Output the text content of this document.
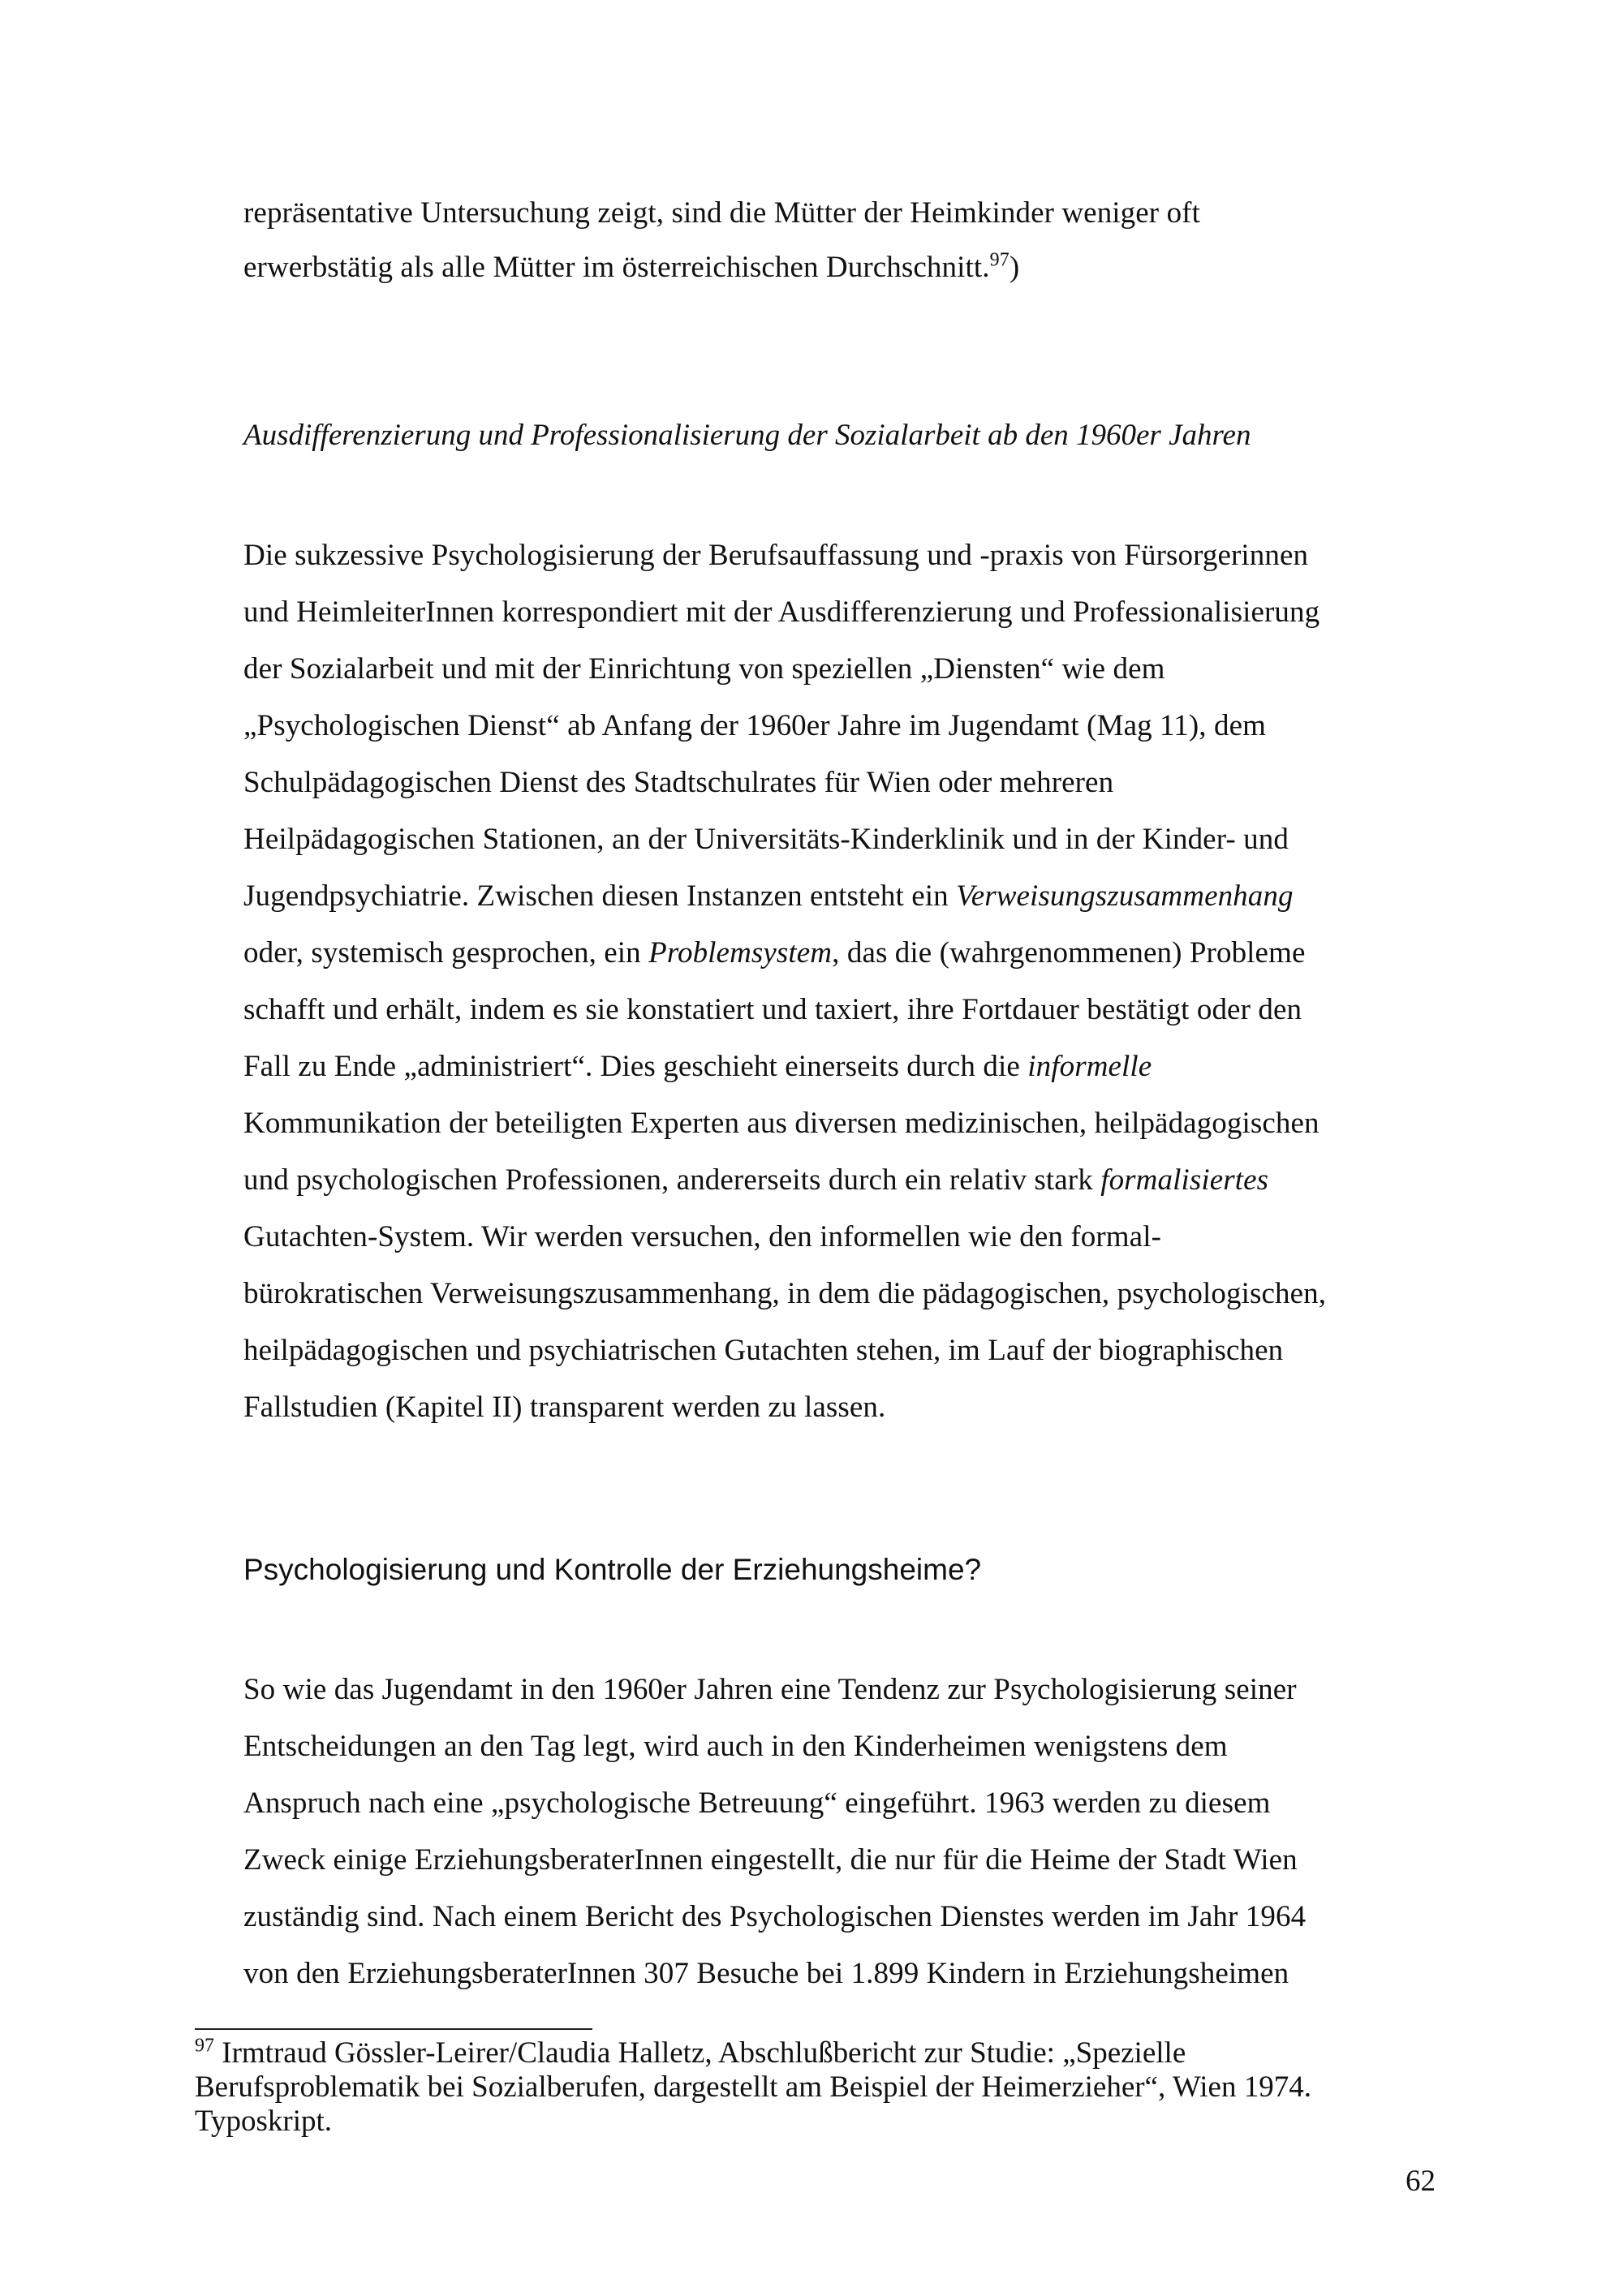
repräsentative Untersuchung zeigt, sind die Mütter der Heimkinder weniger oft

erwerbstätig als alle Mütter im österreichischen Durchschnitt.$^{97}$)

Ausdifferenzierung und Professionalisierung der Sozialarbeit ab den 1960er Jahren

Die sukzessive Psychologisierung der Berufsauffassung und -praxis von Fürsorgerinnen

und HeimleiterInnen korrespondiert mit der Ausdifferenzierung und Professionalisierung

der Sozialarbeit und mit der Einrichtung von speziellen „Diensten“ wie dem

„Psychologischen Dienst“ ab Anfang der 1960er Jahre im Jugendamt (Mag 11), dem

Schulpädagogischen Dienst des Stadtschulrates für Wien oder mehreren

Heilpädagogischen Stationen, an der Universitäts-Kinderklinik und in der Kinder- und

Jugendpsychiatrie. Zwischen diesen Instanzen entsteht ein Verweisungszusammenhang

oder, systemisch gesprochen, ein Problemsystem, das die (wahrgenommenen) Probleme

schafft und erhält, indem es sie konstatiert und taxiert, ihre Fortdauer bestätigt oder den

Fall zu Ende „administriert“. Dies geschieht einerseits durch die informelle

Kommunikation der beteiligten Experten aus diversen medizinischen, heilpädagogischen

und psychologischen Professionen, andererseits durch ein relativ stark formalisiertes

Gutachten-System. Wir werden versuchen, den informellen wie den formal-

bürokratischen Verweisungszusammenhang, in dem die pädagogischen, psychologischen,

heilpädagogischen und psychiatrischen Gutachten stehen, im Lauf der biographischen

Fallstudien (Kapitel II) transparent werden zu lassen.

Psychologisierung und Kontrolle der Erziehungsheime?

So wie das Jugendamt in den 1960er Jahren eine Tendenz zur Psychologisierung seiner

Entscheidungen an den Tag legt, wird auch in den Kinderheimen wenigstens dem

Anspruch nach eine „psychologische Betreuung“ eingeführt. 1963 werden zu diesem

Zweck einige ErziehungsberaterInnen eingestellt, die nur für die Heime der Stadt Wien

zuständig sind. Nach einem Bericht des Psychologischen Dienstes werden im Jahr 1964

von den ErziehungsberaterInnen 307 Besuche bei 1.899 Kindern in Erziehungsheimen

$^{97}$ Irmtraud Gössler-Leirer/Claudia Halletz, Abschlußbericht zur Studie: „Spezielle

Berufsproblematik bei Sozialberufen, dargestellt am Beispiel der Heimerzieher“, Wien 1974.

Typoskript.

62
